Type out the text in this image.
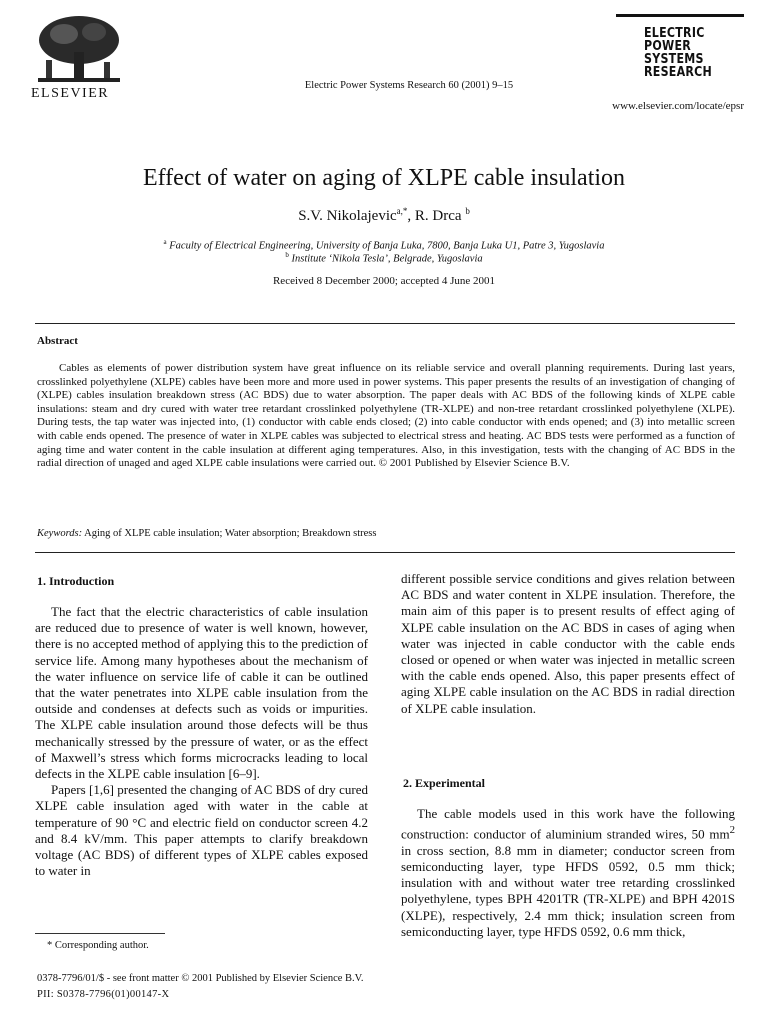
ELSEVIER
Electric Power Systems Research 60 (2001) 9–15
ELECTRIC
POWER
SYSTEMS
RESEARCH
www.elsevier.com/locate/epsr
Effect of water on aging of XLPE cable insulation
S.V. Nikolajevic$^{a,*}$, R. Drca $^b$
$^a$ Faculty of Electrical Engineering, University of Banja Luka, 7800, Banja Luka U1, Patre 3, Yugoslavia
$^b$ Institute ‘Nikola Tesla’, Belgrade, Yugoslavia
Received 8 December 2000; accepted 4 June 2001
Abstract
Cables as elements of power distribution system have great influence on its reliable service and overall planning requirements. During last years, crosslinked polyethylene (XLPE) cables have been more and more used in power systems. This paper presents the results of an investigation of changing of (XLPE) cables insulation breakdown stress (AC BDS) due to water absorption. The paper deals with AC BDS of the following kinds of XLPE cable insulations: steam and dry cured with water tree retardant crosslinked polyethylene (TR-XLPE) and non-tree retardant crosslinked polyethylene (XLPE). During tests, the tap water was injected into, (1) conductor with cable ends closed; (2) into cable conductor with ends opened; and (3) into metallic screen with cable ends opened. The presence of water in XLPE cables was subjected to electrical stress and heating. AC BDS tests were performed as a function of aging time and water content in the cable insulation at different aging temperatures. Also, in this investigation, tests with the changing of AC BDS in the radial direction of unaged and aged XLPE cable insulations were carried out. © 2001 Published by Elsevier Science B.V.
Keywords: Aging of XLPE cable insulation; Water absorption; Breakdown stress
1. Introduction

The fact that the electric characteristics of cable insulation are reduced due to presence of water is well known, however, there is no accepted method of applying this to the prediction of service life. Among many hypotheses about the mechanism of the water influence on service life of cable it can be outlined that the water penetrates into XLPE cable insulation from the outside and condenses at defects such as voids or impurities. The XLPE cable insulation around those defects will be thus mechanically stressed by the pressure of water, or as the effect of Maxwell’s stress which forms microcracks leading to local defects in the XLPE cable insulation [6–9].

Papers [1,6] presented the changing of AC BDS of dry cured XLPE cable insulation aged with water in the cable at temperature of 90 °C and electric field on conductor screen 4.2 and 8.4 kV/mm. This paper attempts to clarify breakdown voltage (AC BDS) of different types of XLPE cables exposed to water in

different possible service conditions and gives relation between AC BDS and water content in XLPE insulation. Therefore, the main aim of this paper is to present results of effect aging of XLPE cable insulation on the AC BDS in cases of aging when water was injected in cable conductor with the cable ends closed or opened or when water was injected in metallic screen with the cable ends opened. Also, this paper presents effect of aging XLPE cable insulation on the AC BDS in radial direction of XLPE cable insulation.

2. Experimental

The cable models used in this work have the following construction: conductor of aluminium stranded wires, 50 $mm^2$ in cross section, 8.8 mm in diameter; conductor screen from semiconducting layer, type HFDS 0592, 0.5 mm thick; insulation with and without water tree retarding crosslinked polyethylene, types BPH 4201TR (TR-XLPE) and BPH 4201S (XLPE), respectively, 2.4 mm thick; insulation screen from semiconducting layer, type HFDS 0592, 0.6 mm thick,

* Corresponding author.
0378-7796/01/$ - see front matter © 2001 Published by Elsevier Science B.V.
PII: S0378-7796(01)00147-X
